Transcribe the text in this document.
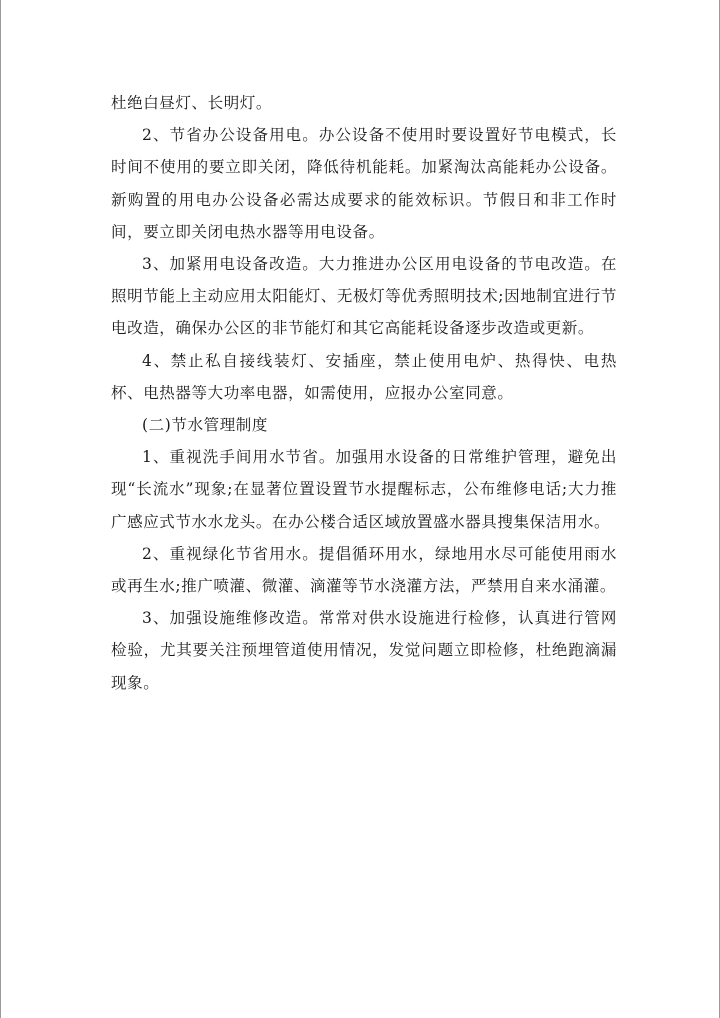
杜绝白昼灯、长明灯。

2、节省办公设备用电。办公设备不使用时要设置好节电模式，长时间不使用的要立即关闭，降低待机能耗。加紧淘汰高能耗办公设备。新购置的用电办公设备必需达成要求的能效标识。节假日和非工作时间，要立即关闭电热水器等用电设备。

3、加紧用电设备改造。大力推进办公区用电设备的节电改造。在照明节能上主动应用太阳能灯、无极灯等优秀照明技术;因地制宜进行节电改造，确保办公区的非节能灯和其它高能耗设备逐步改造或更新。

4、禁止私自接线装灯、安插座，禁止使用电炉、热得快、电热杯、电热器等大功率电器，如需使用，应报办公室同意。

(二)节水管理制度

1、重视洗手间用水节省。加强用水设备的日常维护管理，避免出现“长流水”现象;在显著位置设置节水提醒标志，公布维修电话;大力推广感应式节水水龙头。在办公楼合适区域放置盛水器具搜集保洁用水。

2、重视绿化节省用水。提倡循环用水，绿地用水尽可能使用雨水或再生水;推广喷灌、微灌、滴灌等节水浇灌方法，严禁用自来水涌灌。

3、加强设施维修改造。常常对供水设施进行检修，认真进行管网检验，尤其要关注预埋管道使用情况，发觉问题立即检修，杜绝跑滴漏现象。
